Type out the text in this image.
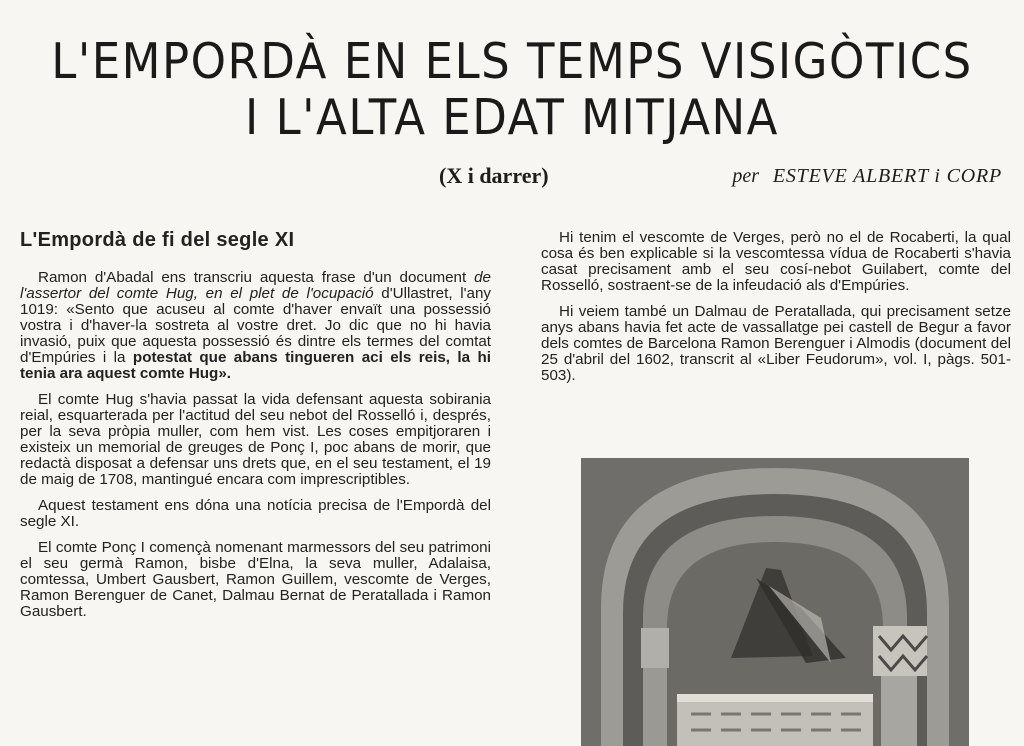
L'EMPORDÀ EN ELS TEMPS VISIGÒTICS
I L'ALTA EDAT MITJANA
(X i darrer)	per ESTEVE ALBERT i CORP
L'Empordà de fi del segle XI

Ramon d'Abadal ens transcriu aquesta frase d'un document de l'assertor del comte Hug, en el plet de l'ocupació d'Ullastret, l'any 1019: «Sento que acuseu al comte d'haver envaït una possessió vostra i d'haver-la sostreta al vostre dret. Jo dic que no hi havia invasió, puix que aquesta possessió és dintre els termes del comtat d'Empúries i la potestat que abans tingueren aci els reis, la hi tenia ara aquest comte Hug».

El comte Hug s'havia passat la vida defensant aquesta sobirania reial, esquarterada per l'actitud del seu nebot del Rosselló i, després, per la seva pròpia muller, com hem vist. Les coses empitjoraren i existeix un memorial de greuges de Ponç I, poc abans de morir, que redactà disposat a defensar uns drets que, en el seu testament, el 19 de maig de 1708, mantingué encara com imprescriptibles.

Aquest testament ens dóna una notícia precisa de l'Empordà del segle XI.

El comte Ponç I començà nomenant marmessors del seu patrimoni el seu germà Ramon, bisbe d'Elna, la seva muller, Adalaisa, comtessa, Umbert Gausbert, Ramon Guillem, vescomte de Verges, Ramon Berenguer de Canet, Dalmau Bernat de Peratallada i Ramon Gausbert.

Hi tenim el vescomte de Verges, però no el de Rocaberti, la qual cosa és ben explicable si la vescomtessa vídua de Rocaberti s'havia casat precisament amb el seu cosí-nebot Guilabert, comte del Rosselló, sostraent-se de la infeudació als d'Empúries.

Hi veiem també un Dalmau de Peratallada, qui precisament setze anys abans havia fet acte de vassallatge pei castell de Begur a favor dels comtes de Barcelona Ramon Berenguer i Almodis (document del 25 d'abril del 1602, transcrit al «Liber Feudorum», vol. I, pàgs. 501-503).
